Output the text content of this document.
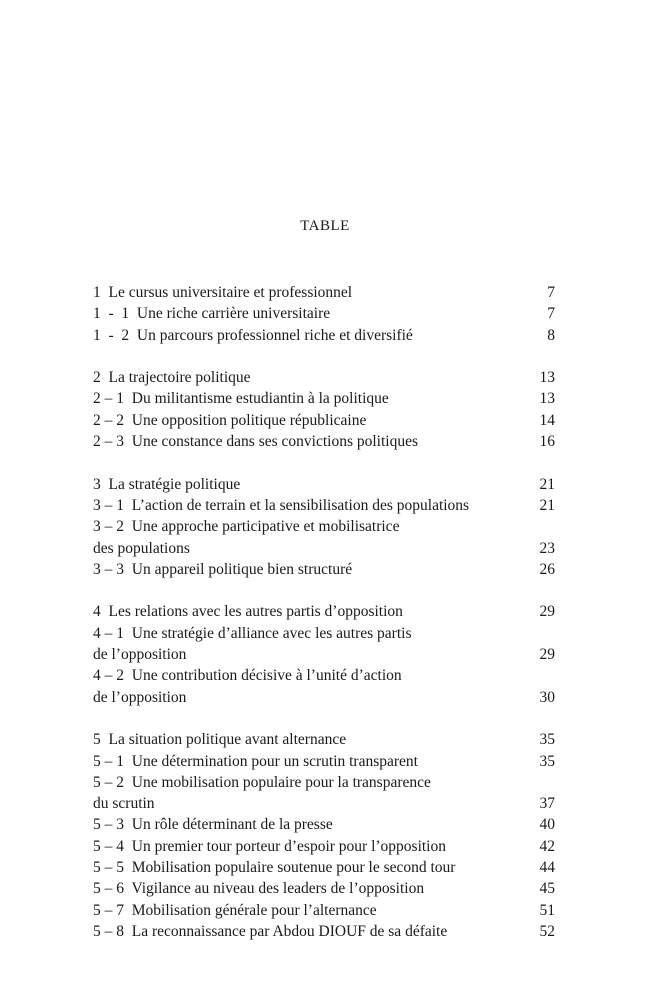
TABLE
1  Le cursus universitaire et professionnel	7
1  -  1  Une riche carrière universitaire	7
1  -  2  Un parcours professionnel riche et diversifié	8
2  La trajectoire politique	13
2 – 1  Du militantisme estudiantin à la politique	13
2 – 2  Une opposition politique républicaine	14
2 – 3  Une constance dans ses convictions politiques	16
3  La stratégie politique	21
3 – 1  L’action de terrain et la sensibilisation des populations	21
3 – 2  Une approche participative et mobilisatrice
des populations	23
3 – 3  Un appareil politique bien structuré	26
4  Les relations avec les autres partis d’opposition	29
4 – 1  Une stratégie d’alliance avec les autres partis
de l’opposition	29
4 – 2  Une contribution décisive à l’unité d’action
de l’opposition	30
5  La situation politique avant alternance	35
5 – 1  Une détermination pour un scrutin transparent	35
5 – 2  Une mobilisation populaire pour la transparence
du scrutin	37
5 – 3  Un rôle déterminant de la presse	40
5 – 4  Un premier tour porteur d’espoir pour l’opposition	42
5 – 5  Mobilisation populaire soutenue pour le second tour	44
5 – 6  Vigilance au niveau des leaders de l’opposition	45
5 – 7  Mobilisation générale pour l’alternance	51
5 – 8  La reconnaissance par Abdou DIOUF de sa défaite	52
